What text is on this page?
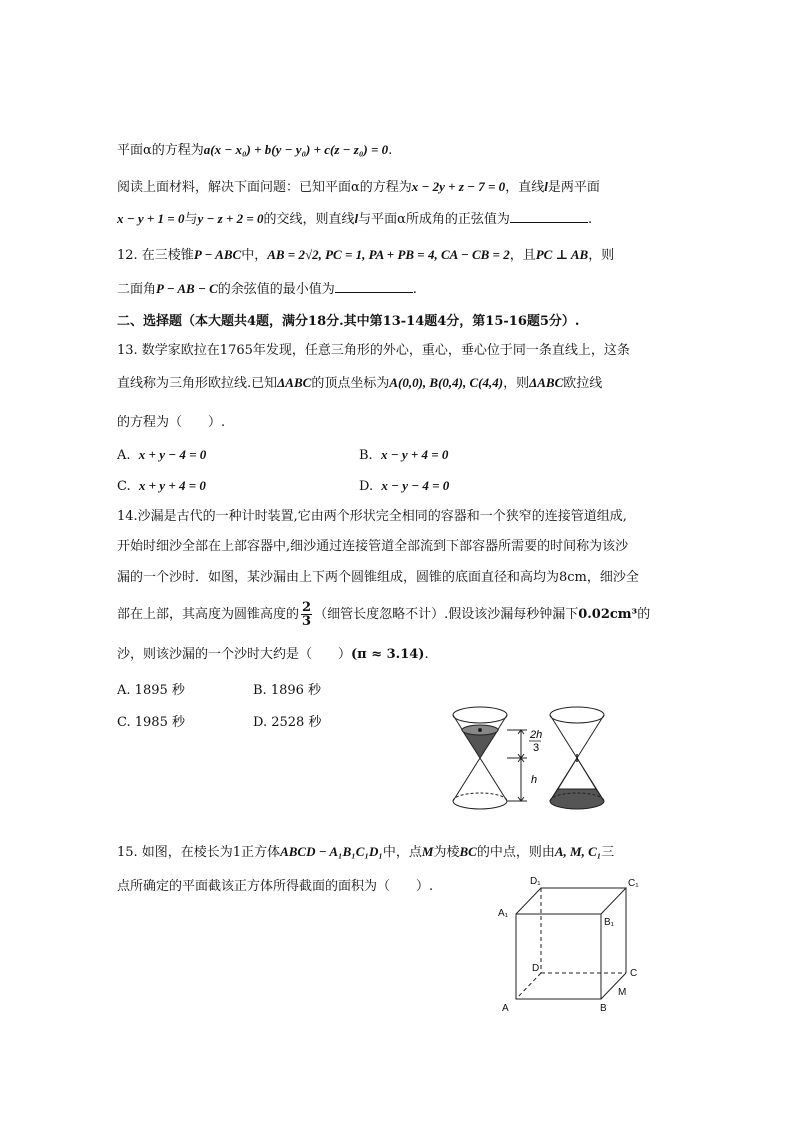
平面α的方程为a(x − x₀) + b(y − y₀) + c(z − z₀) = 0.
阅读上面材料，解决下面问题：已知平面α的方程为x − 2y + z − 7 = 0，直线l是两平面
x − y + 1 = 0与y − z + 2 = 0的交线，则直线l与平面α所成角的正弦值为	.
12. 在三棱锥P − ABC中，AB = 2√2, PC = 1, PA + PB = 4, CA − CB = 2，且PC ⊥ AB，则
二面角P − AB − C的余弦值的最小值为	.
二、选择题（本大题共4题，满分18分.其中第13-14题4分，第15-16题5分）.
13. 数学家欧拉在1765年发现，任意三角形的外心，重心，垂心位于同一条直线上，这条
直线称为三角形欧拉线.已知ΔABC的顶点坐标为A(0,0), B(0,4), C(4,4)，则ΔABC欧拉线
的方程为（　　）.
A. x + y − 4 = 0	B. x − y + 4 = 0
C. x + y + 4 = 0	D. x − y − 4 = 0
14.沙漏是古代的一种计时装置,它由两个形状完全相同的容器和一个狭窄的连接管道组成,
开始时细沙全部在上部容器中,细沙通过连接管道全部流到下部容器所需要的时间称为该沙
漏的一个沙时．如图，某沙漏由上下两个圆锥组成，圆锥的底面直径和高均为8cm，细沙全
部在上部，其高度为圆锥高度的 $\frac{2}{3}$ （细管长度忽略不计）.假设该沙漏每秒钟漏下0.02cm³的
沙，则该沙漏的一个沙时大约是（　　）(π ≈ 3.14).
A. 1895 秒	B. 1896 秒
C. 1985 秒	D. 2528 秒
2h
3
h
15. 如图，在棱长为1正方体ABCD − A₁B₁C₁D₁中，点M为棱BC的中点，则由A, M, C₁三
点所确定的平面截该正方体所得截面的面积为（　　）.	D₁	C₁
A₁
B₁
D	C
M
A	B
